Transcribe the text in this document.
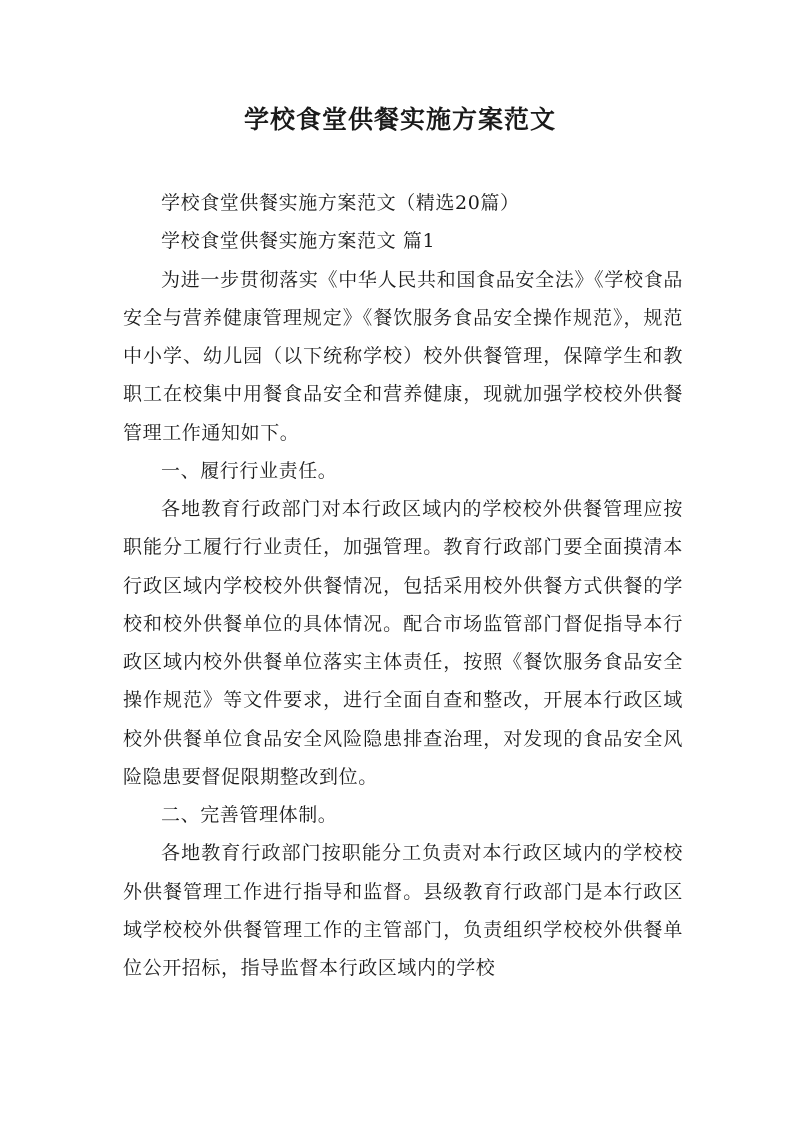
学校食堂供餐实施方案范文

学校食堂供餐实施方案范文（精选20篇）

学校食堂供餐实施方案范文 篇1

为进一步贯彻落实《中华人民共和国食品安全法》《学校食品安全与营养健康管理规定》《餐饮服务食品安全操作规范》，规范中小学、幼儿园（以下统称学校）校外供餐管理，保障学生和教职工在校集中用餐食品安全和营养健康，现就加强学校校外供餐管理工作通知如下。

一、履行行业责任。

各地教育行政部门对本行政区域内的学校校外供餐管理应按职能分工履行行业责任，加强管理。教育行政部门要全面摸清本行政区域内学校校外供餐情况，包括采用校外供餐方式供餐的学校和校外供餐单位的具体情况。配合市场监管部门督促指导本行政区域内校外供餐单位落实主体责任，按照《餐饮服务食品安全操作规范》等文件要求，进行全面自查和整改，开展本行政区域校外供餐单位食品安全风险隐患排查治理，对发现的食品安全风险隐患要督促限期整改到位。

二、完善管理体制。

各地教育行政部门按职能分工负责对本行政区域内的学校校外供餐管理工作进行指导和监督。县级教育行政部门是本行政区域学校校外供餐管理工作的主管部门，负责组织学校校外供餐单位公开招标，指导监督本行政区域内的学校
